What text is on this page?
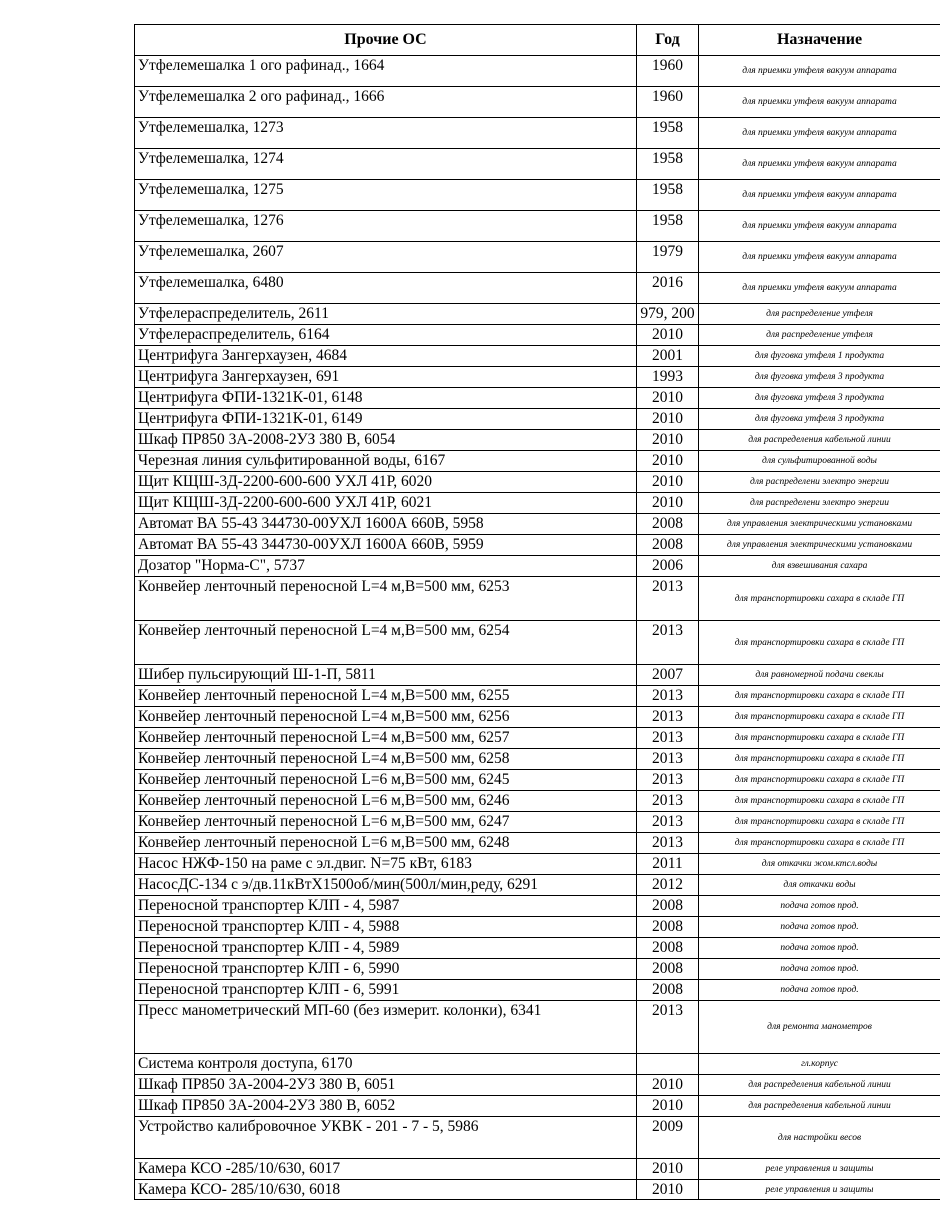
Прочие ОС	Год	Назначение
Утфелемешалка 1 ого рафинад., 1664	1960	для приемки утфеля вакуум аппарата
Утфелемешалка 2 ого рафинад., 1666	1960	для приемки утфеля вакуум аппарата
Утфелемешалка, 1273	1958	для приемки утфеля вакуум аппарата
Утфелемешалка, 1274	1958	для приемки утфеля вакуум аппарата
Утфелемешалка, 1275	1958	для приемки утфеля вакуум аппарата
Утфелемешалка, 1276	1958	для приемки утфеля вакуум аппарата
Утфелемешалка, 2607	1979	для приемки утфеля вакуум аппарата
Утфелемешалка, 6480	2016	для приемки утфеля вакуум аппарата
Утфелераспределитель, 2611	979, 200	для распределение утфеля
Утфелераспределитель, 6164	2010	для распределение утфеля
Центрифуга Зангерхаузен, 4684	2001	для фуговка утфеля 1 продукта
Центрифуга Зангерхаузен, 691	1993	для фуговка утфеля 3 продукта
Центрифуга ФПИ-1321К-01, 6148	2010	для фуговка утфеля 3 продукта
Центрифуга ФПИ-1321К-01, 6149	2010	для фуговка утфеля 3 продукта
Шкаф ПР850 3А-2008-2УЗ 380 В, 6054	2010	для распределения кабельной линии
Черезная линия сульфитированной воды, 6167	2010	для сульфитированной воды
Щит КЩШ-3Д-2200-600-600 УХЛ 41Р, 6020	2010	для распределени электро энергии
Щит КЩШ-3Д-2200-600-600 УХЛ 41Р, 6021	2010	для распределени электро энергии
Автомат ВА 55-43 344730-00УХЛ 1600А 660В, 5958	2008	для управления электрическими установками
Автомат ВА 55-43 344730-00УХЛ 1600А 660В, 5959	2008	для управления электрическими установками
Дозатор "Норма-С", 5737	2006	для взвешивания сахара
Конвейер ленточный переносной L=4 м,В=500 мм, 6253	2013	для транспортировки сахара в складе ГП
Конвейер ленточный переносной L=4 м,В=500 мм, 6254	2013	для транспортировки сахара в складе ГП
Шибер пульсирующий Ш-1-П, 5811	2007	для равномерной подачи свеклы
Конвейер ленточный переносной L=4 м,В=500 мм, 6255	2013	для транспортировки сахара в складе ГП
Конвейер ленточный переносной L=4 м,В=500 мм, 6256	2013	для транспортировки сахара в складе ГП
Конвейер ленточный переносной L=4 м,В=500 мм, 6257	2013	для транспортировки сахара в складе ГП
Конвейер ленточный переносной L=4 м,В=500 мм, 6258	2013	для транспортировки сахара в складе ГП
Конвейер ленточный переносной L=6 м,В=500 мм, 6245	2013	для транспортировки сахара в складе ГП
Конвейер ленточный переносной L=6 м,В=500 мм, 6246	2013	для транспортировки сахара в складе ГП
Конвейер ленточный переносной L=6 м,В=500 мм, 6247	2013	для транспортировки сахара в складе ГП
Конвейер ленточный переносной L=6 м,В=500 мм, 6248	2013	для транспортировки сахара в складе ГП
Насос НЖФ-150 на раме с эл.двиг. N=75 кВт, 6183	2011	для откачки жом.ктсл.воды
НасосДС-134 с э/дв.11кВтХ1500об/мин(500л/мин,реду, 6291	2012	для откачки воды
Переносной транспортер КЛП - 4, 5987	2008	подача готов прод.
Переносной транспортер КЛП - 4, 5988	2008	подача готов прод.
Переносной транспортер КЛП - 4, 5989	2008	подача готов прод.
Переносной транспортер КЛП - 6, 5990	2008	подача готов прод.
Переносной транспортер КЛП - 6, 5991	2008	подача готов прод.
Пресс манометрический МП-60 (без измерит. колонки), 6341	2013	для ремонта манометров
Система контроля доступа, 6170		гл.корпус
Шкаф ПР850 3А-2004-2УЗ 380 В, 6051	2010	для распределения кабельной линии
Шкаф ПР850 3А-2004-2УЗ 380 В, 6052	2010	для распределения кабельной линии
Устройство калибровочное УКВК - 201 - 7 - 5, 5986	2009	для настройки весов
Камера КСО -285/10/630, 6017	2010	реле управления и защиты
Камера КСО- 285/10/630, 6018	2010	реле управления и защиты
